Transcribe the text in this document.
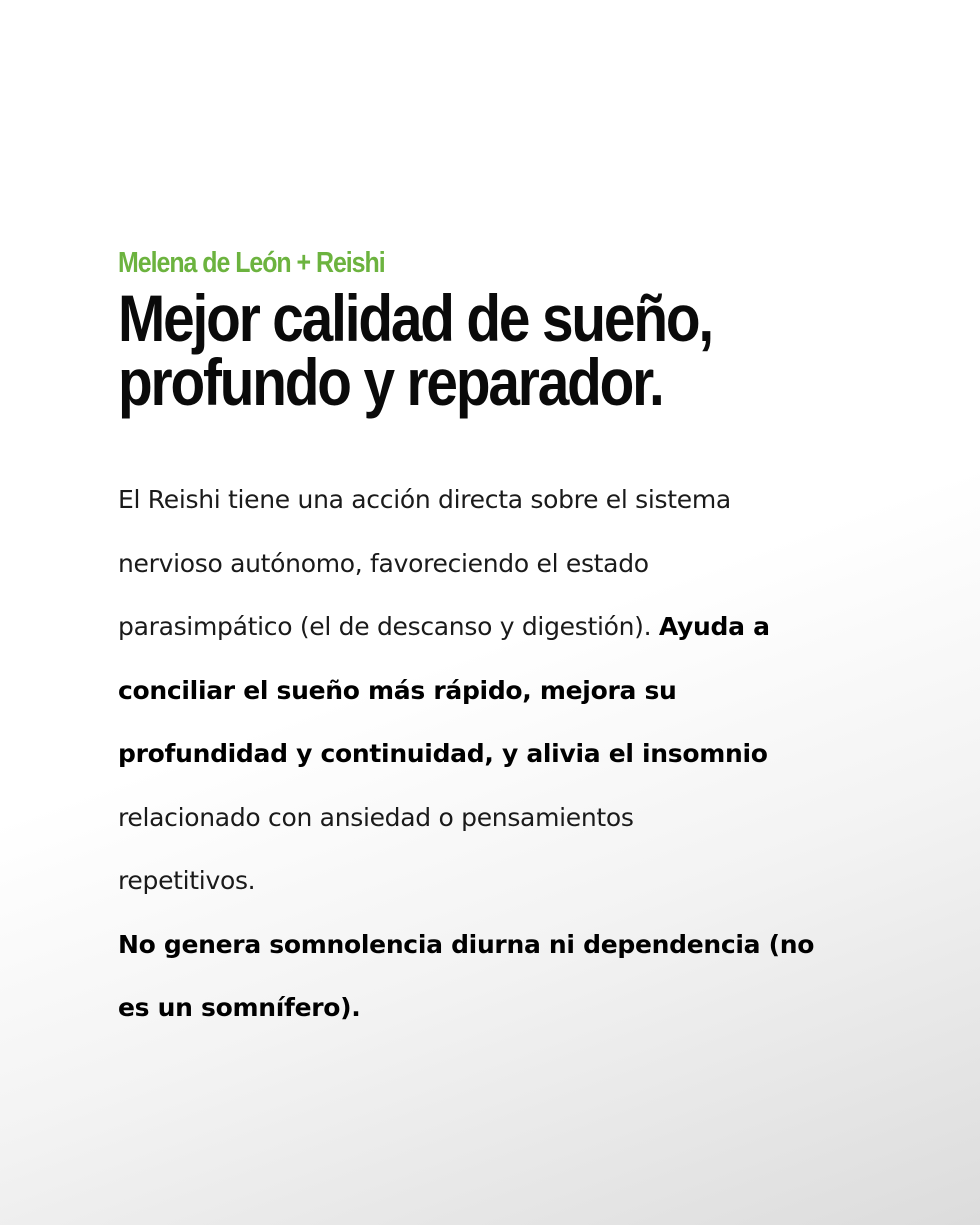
Melena de León + Reishi
Mejor calidad de sueño,
profundo y reparador.
El Reishi tiene una acción directa sobre el sistema
nervioso autónomo, favoreciendo el estado
parasimpático (el de descanso y digestión). Ayuda a
conciliar el sueño más rápido, mejora su
profundidad y continuidad, y alivia el insomnio
relacionado con ansiedad o pensamientos
repetitivos.
No genera somnolencia diurna ni dependencia (no
es un somnífero).
